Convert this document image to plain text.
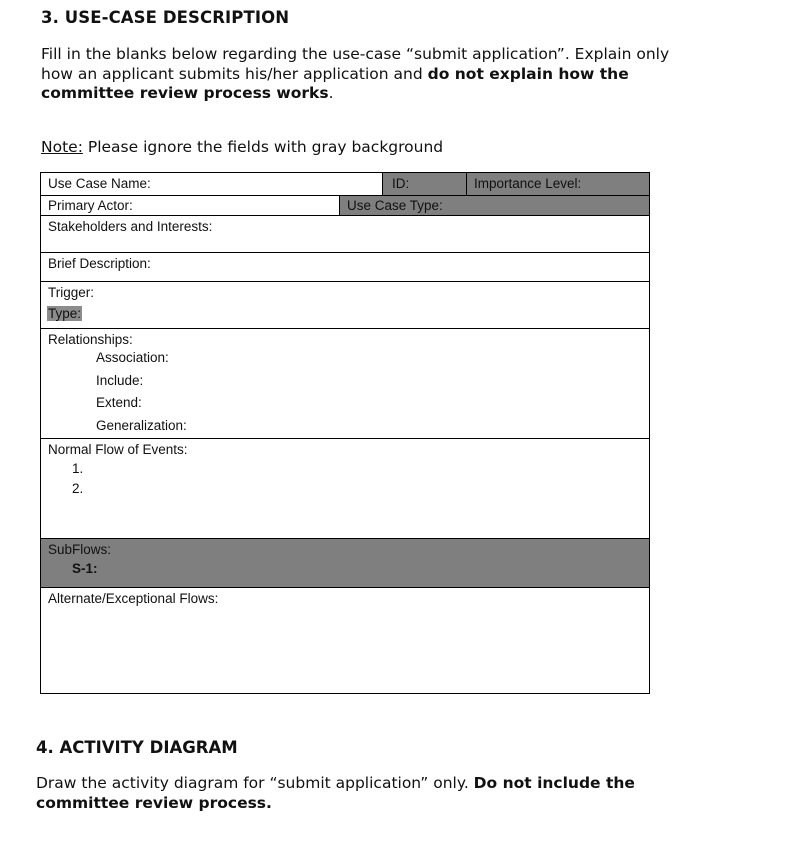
3. USE-CASE DESCRIPTION
Fill in the blanks below regarding the use-case “submit application”. Explain only how an applicant submits his/her application and do not explain how the committee review process works.
Note: Please ignore the fields with gray background
Use Case Name:	ID:	Importance Level:
Primary Actor:	Use Case Type:
Stakeholders and Interests:
Brief Description:
Trigger:
Type:
Relationships:
Association:
Include:
Extend:
Generalization:
Normal Flow of Events:
1.
2.
SubFlows:
S-1:
Alternate/Exceptional Flows:
4. ACTIVITY DIAGRAM
Draw the activity diagram for “submit application” only. Do not include the committee review process.
